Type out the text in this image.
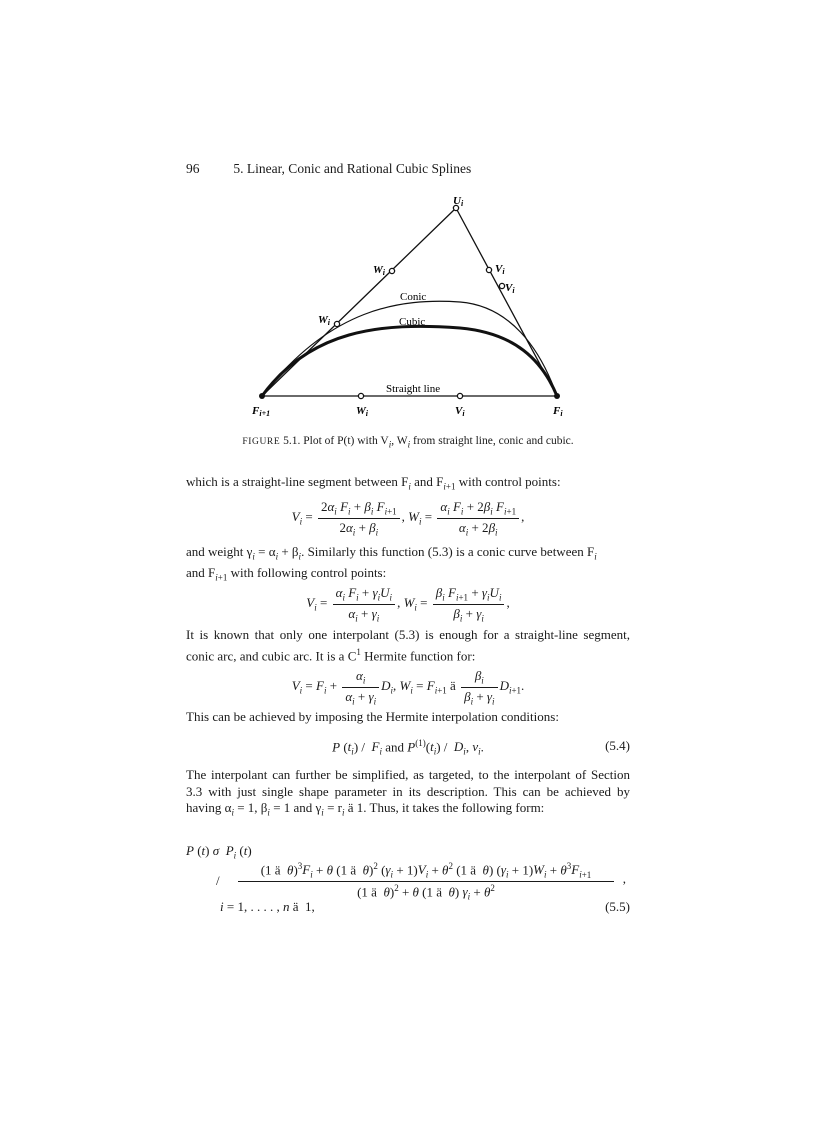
96	5. Linear, Conic and Rational Cubic Splines
Ui
Wi
Wi
Vi
Vi
Conic
Cubic
Straight line
Fi+1	Wi	Vi	Fi
FIGURE 5.1. Plot of P(t) with $V_i$, $W_i$ from straight line, conic and cubic.
which is a straight-line segment between $F_i$ and $F_{i+1}$ with control points:
$V_i = \frac{2\alpha_i F_i + \beta_i F_{i+1}}{2\alpha_i + \beta_i}$ , $W_i = \frac{\alpha_i F_i + 2\beta_i F_{i+1}}{\alpha_i + 2\beta_i}$ ,
and weight $\gamma_i = \alpha_i + \beta_i$. Similarly this function (5.3) is a conic curve between $F_i$
and $F_{i+1}$ with following control points:
$V_i = \frac{\alpha_i F_i + \gamma_iU_i}{\alpha_i + \gamma_i}$ , $W_i = \frac{\beta_i F_{i+1} + \gamma_iU_i}{\beta_i + \gamma_i}$ ,
It is known that only one interpolant (5.3) is enough for a straight-line segment, conic arc, and cubic arc. It is a $C^1$ Hermite function for:
$V_i = F_i + \frac{\alpha_i}{\alpha_i + \gamma_i} D_i$, $W_i = F_{i+1}$ ä $\frac{\beta_i}{\beta_i + \gamma_i} D_{i+1}$.
This can be achieved by imposing the Hermite interpolation conditions:
P $(t_i) / F_i$ and $P^{(1)}(t_i) / D_i$, $\nu_i$.	(5.4)
The interpolant can further be simplified, as targeted, to the interpolant of Section 3.3 with just single shape parameter in its description. This can be achieved by having $\alpha_i = 1$, $\beta_i = 1$ and $\gamma_i = r_i$ ä 1. Thus, it takes the following form:
P (t) σ $P_i$ (t)
/
(1 ä  $\theta)^3F_i + \theta$ (1 ä  θ)$^2$ $(\gamma_i + 1)V_i + \theta^2$ (1 ä  θ) $(\gamma_i + 1)W_i + \theta^3F_{i+1}$
(1 ä  θ)$^2$ + θ (1 ä  θ) $\gamma_i + \theta^2$
,
i = 1, . . . . , n ä  1,	(5.5)
